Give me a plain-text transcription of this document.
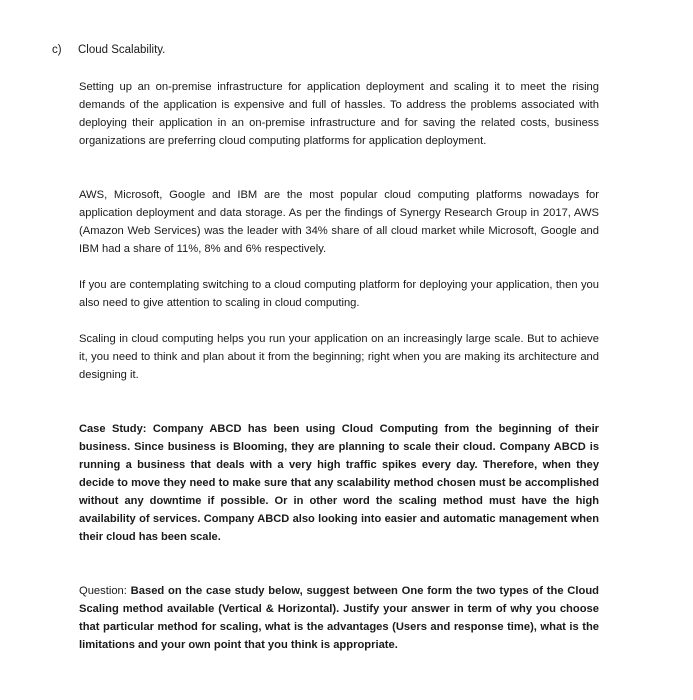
c) Cloud Scalability.

Setting up an on-premise infrastructure for application deployment and scaling it to meet the rising demands of the application is expensive and full of hassles. To address the problems associated with deploying their application in an on-premise infrastructure and for saving the related costs, business organizations are preferring cloud computing platforms for application deployment.

AWS, Microsoft, Google and IBM are the most popular cloud computing platforms nowadays for application deployment and data storage. As per the findings of Synergy Research Group in 2017, AWS (Amazon Web Services) was the leader with 34% share of all cloud market while Microsoft, Google and IBM had a share of 11%, 8% and 6% respectively.

If you are contemplating switching to a cloud computing platform for deploying your application, then you also need to give attention to scaling in cloud computing.

Scaling in cloud computing helps you run your application on an increasingly large scale. But to achieve it, you need to think and plan about it from the beginning; right when you are making its architecture and designing it.

Case Study: Company ABCD has been using Cloud Computing from the beginning of their business. Since business is Blooming, they are planning to scale their cloud. Company ABCD is running a business that deals with a very high traffic spikes every day. Therefore, when they decide to move they need to make sure that any scalability method chosen must be accomplished without any downtime if possible. Or in other word the scaling method must have the high availability of services. Company ABCD also looking into easier and automatic management when their cloud has been scale.

Question: Based on the case study below, suggest between One form the two types of the Cloud Scaling method available (Vertical & Horizontal). Justify your answer in term of why you choose that particular method for scaling, what is the advantages (Users and response time), what is the limitations and your own point that you think is appropriate.
